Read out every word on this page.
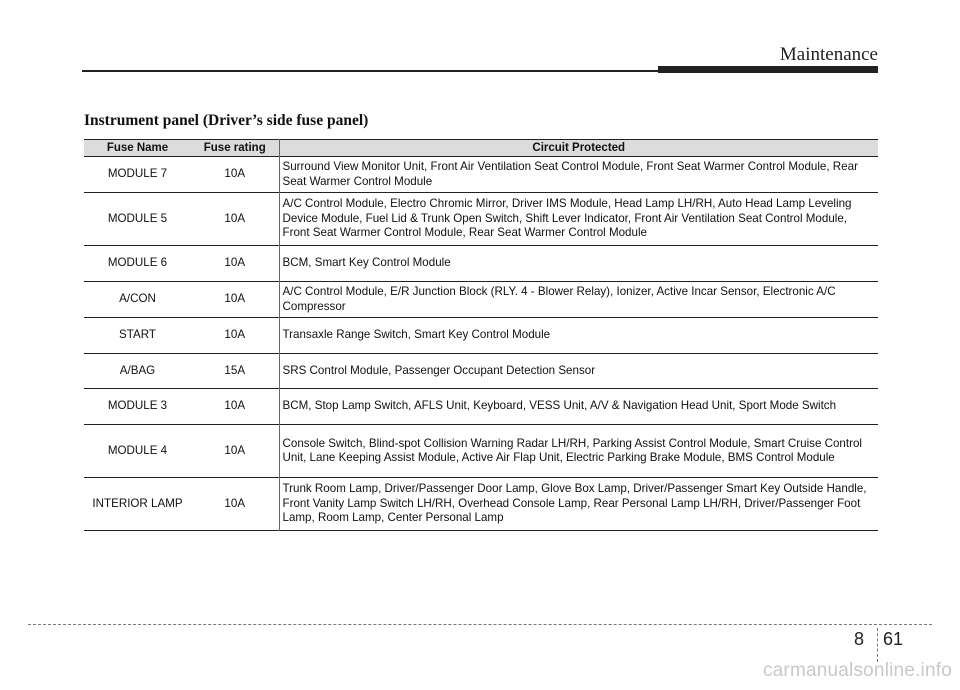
Maintenance
Instrument panel (Driver’s side fuse panel)
Fuse Name	Fuse rating	Circuit Protected
MODULE 7	10A	Surround View Monitor Unit, Front Air Ventilation Seat Control Module, Front Seat Warmer Control Module, Rear Seat Warmer Control Module
MODULE 5	10A	A/C Control Module, Electro Chromic Mirror, Driver IMS Module, Head Lamp LH/RH, Auto Head Lamp Leveling Device Module, Fuel Lid & Trunk Open Switch, Shift Lever Indicator, Front Air Ventilation Seat Control Module, Front Seat Warmer Control Module, Rear Seat Warmer Control Module
MODULE 6	10A	BCM, Smart Key Control Module
A/CON	10A	A/C Control Module, E/R Junction Block (RLY. 4 - Blower Relay), Ionizer, Active Incar Sensor, Electronic A/C Compressor
START	10A	Transaxle Range Switch, Smart Key Control Module
A/BAG	15A	SRS Control Module, Passenger Occupant Detection Sensor
MODULE 3	10A	BCM, Stop Lamp Switch, AFLS Unit, Keyboard, VESS Unit, A/V & Navigation Head Unit, Sport Mode Switch
MODULE 4	10A	Console Switch, Blind-spot Collision Warning Radar LH/RH, Parking Assist Control Module, Smart Cruise Control Unit, Lane Keeping Assist Module, Active Air Flap Unit, Electric Parking Brake Module, BMS Control Module
INTERIOR LAMP	10A	Trunk Room Lamp, Driver/Passenger Door Lamp, Glove Box Lamp, Driver/Passenger Smart Key Outside Handle, Front Vanity Lamp Switch LH/RH, Overhead Console Lamp, Rear Personal Lamp LH/RH, Driver/Passenger Foot Lamp, Room Lamp, Center Personal Lamp
8 61
carmanualsonline.info
